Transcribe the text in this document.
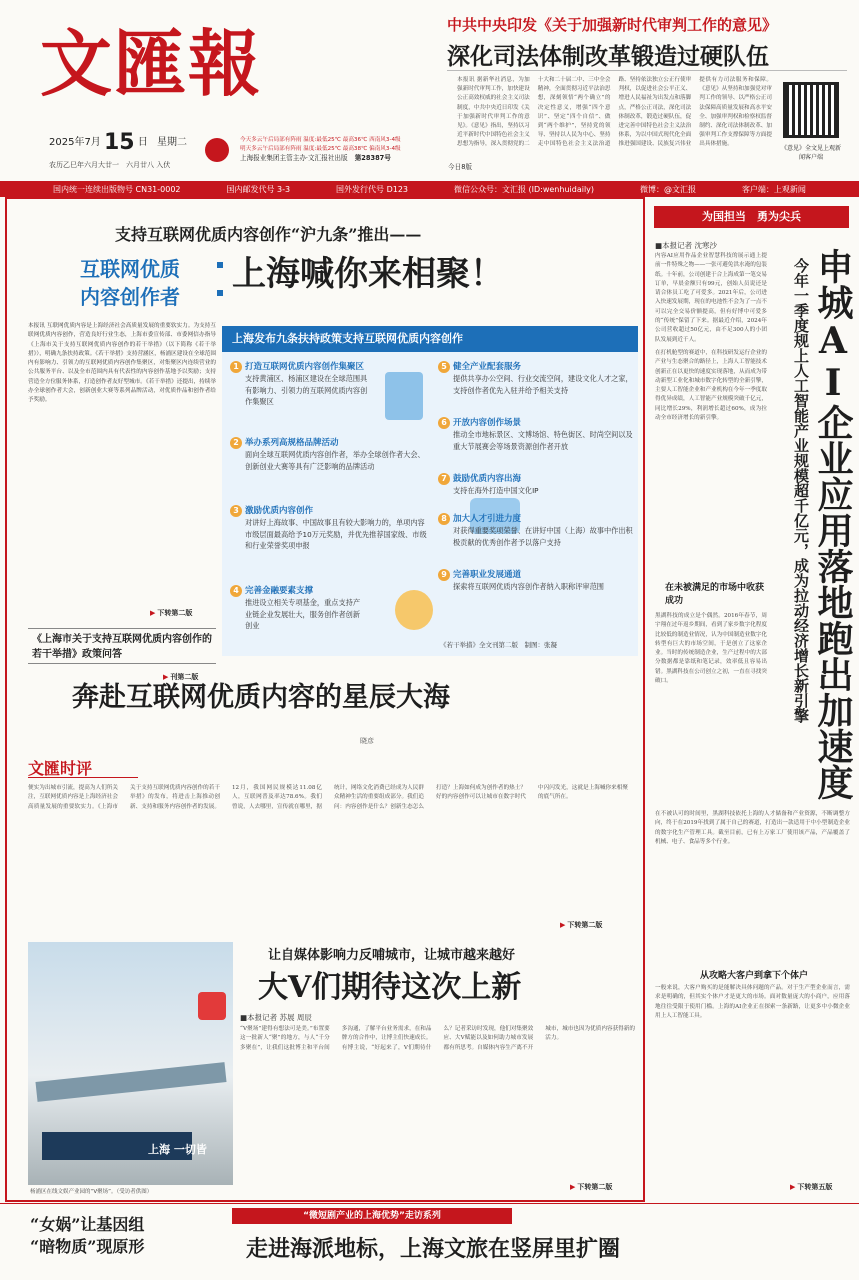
文匯報
2025年7月 15 日 星期二
农历乙巳年六月大廿一　六月廿八 入伏
今天多云午后局部有阵雨 温度:最低25℃ 最高36℃ 西南风3-4级
明天多云午后局部有阵雨 温度:最低25℃ 最高38℃ 偏南风3-4级
上海报业集团主管主办·文汇报社出版 第28387号
今日8版
中共中央印发《关于加强新时代审判工作的意见》
深化司法体制改革锻造过硬队伍
本报讯 据新华社消息，为加强新时代审判工作，加快建设公正高效权威的社会主义司法制度，中共中央近日印发《关于加强新时代审判工作的意见》。《意见》指出，坚持以习近平新时代中国特色社会主义思想为指导，深入贯彻党的二十大和二十届二中、三中全会精神，全面贯彻习近平法治思想，深刻领悟“两个确立”的决定性意义，增强“四个意识”、坚定“四个自信”、做到“两个维护”，坚持党的领导、坚持以人民为中心、坚持走中国特色社会主义法治道路、坚持依法独立公正行使审判权，以促进社会公平正义、增进人民福祉为出发点和落脚点，严格公正司法，深化司法体制改革，锻造过硬队伍，促进完善中国特色社会主义法治体系，为以中国式现代化全面推进强国建设、民族复兴伟业提供有力司法服务和保障。《意见》从坚持和加强党对审判工作的领导、以严格公正司法保障高质量发展和高水平安全、加强审判权和检察权监督制约、深化司法体制改革、加强审判工作支撑保障等方面提出具体措施。
《意见》全文见上观新闻客户端
国内统一连续出版物号 CN31-0002	国内邮发代号 3-3	国外发行代号 D123	微信公众号：文汇报 (ID:wenhuidaily)	微博：@文汇报	客户端：上观新闻
支持互联网优质内容创作“沪九条”推出——
互联网优质
内容创作者
上海喊你来相聚！
本报讯 互联网优质内容是上海经济社会高质量发展的重要软实力。为支持互联网优质内容创作，营造良好行业生态，上海市委宣传部、市委网信办指导《上海市关于支持互联网优质内容创作的若干举措》（以下简称《若干举措》），明确九条扶持政策。《若干举措》支持营涵区，杨浦区建设在全球范围内有影响力、引领力的互联网优质内容创作集聚区，对集聚区内连续营业的公共服务平台、以及全市范围内具有代表性的内容创作基地予以奖励；支持营造全方位服务体系，打造创作者友好型城市。《若干举措》还提出，持续举办全球创作者大会，创新创业大赛等系列品牌活动，对优质作品和创作者给予奖励。
▶ 下转第二版
《上海市关于支持互联网优质内容创作的若干举措》政策问答
▶ 刊第二版
上海发布九条扶持政策支持互联网优质内容创作
1 打造互联网优质内容创作集聚区
支持黄浦区、杨浦区建设在全球范围具有影响力、引领力的互联网优质内容创作集聚区
2 举办系列高规格品牌活动
面向全球互联网优质内容创作者，举办全球创作者大会、创新创业大赛等具有广泛影响的品牌活动
3 激励优质内容创作
对讲好上海故事、中国故事且有较大影响力的，单项内容市级层面最高给予10万元奖励，并优先推荐国家级、市级和行业荣誉奖项申报
4 完善金融要素支撑
推进设立相关专项基金，重点支持产业链企业发展壮大，服务创作者创新创业
5 健全产业配套服务
提供共享办公空间、行业交流空间，建设文化人才之家，支持创作者优先入驻并给予相关支持
6 开放内容创作场景
推动全市地标景区、文博场馆、特色街区、时尚空间以及重大节展赛会等场景资源创作者开放
7 鼓励优质内容出海
支持在海外打造中国文化IP
8 加大人才引进力度
对获得重要奖项荣誉、在讲好中国（上海）故事中作出积极贡献的优秀创作者予以落户支持
9 完善职业发展通道
探索将互联网优质内容创作者纳入职称评审范围
《若干举措》全文刊第二版　制图：张凝
奔赴互联网优质内容的星辰大海
晓彦
文匯时评
便实为出城市引流，提高为人们所关注，互联网优质内容是上海经济社会高质量发展的重要软实力。《上海市关于支持互联网优质内容创作的若干举措》的发布，将进击上海推动创新、支持和服务内容创作者的发展。12月，我国网民规模达11.08亿人，互联网普及率达78.6%。我们曾说，人去哪里，宣传就在哪里，据统计，网络文化消费已经成为人民群众精神生活的重要组成部分。我们追问：内容创作是什么？创新生态怎么打造？上海如何成为创作者的热土？好的内容创作可以让城市在数字时代中闪闪发光，这就是上海喊你来相聚的底气所在。
▶ 下转第二版
让自媒体影响力反哺城市，让城市越来越好
大V们期待这次上新
上海 一切皆
杨浦区在线文娱产业园的“V聚场”。（受访者供图）
■本报记者 苏展 周辰
“V聚场”建得有想法可是美。”布置要这一批新人“聚”的地方，与人“千分多聚在”，让我们这批博主和平台间多沟通，了解平台业务需求，在和品牌方的合作中，让博主们快速成长。有博主说，“好起来了，V们期待什么？记者采访时发现，他们对集聚效应、大V赋能以及如何助力城市发展都有所思考。自媒体内容生产离不开城市，城市也因为优质内容获得新的活力。
▶ 下转第二版
为国担当　勇为尖兵
■本报记者 沈寒沙
申城AI企业应用落地跑出加速度
今年一季度规上人工智能产业规模超千亿元，成为拉动经济增长新引擎
内容AI应用作品企业智慧科技的展示通上提前一件特殊之物——一张可避免洪水淹的包装纸。十年前，公司创建于合上海成第一笔交易订单，早晨金额只有99元，创始人员说还是请合体员工吃了可爱多。2021年后，公司进入快速发展期，现在的电池性不会为了一点不可以完全交易价额提高，但有好博中可爱多的“传统”保留了下来。据最近介绍，2024年公司营收超过50亿元，由不足300人的小团队发展到近千人。
在打机舱型的赛道中，在科技研发运行企业的产业与生态聚合的路径上，上海人工智能技术创新正在以更快的速度实现落地，从而成为带动新型工业化和城市数字化转型的全新引擎，主要人工智能企业和产业机构在今年一季度取得优异成绩，人工智能产业规模突破千亿元，同比增长29%，利润增长超过60%，成为拉动全市经济增长的新引擎。
在未被满足的市场中收获成功
黑湖科技的成立是个偶然。2016年春节，周宇翔在过年返乡期间，看到了家乡数字化程度比较低的制造业情况，认为中国制造业数字化转型有巨大的市场空间，于是创立了这家企业。当时的传统制造企业，生产过程中的大部分数据都是靠纸和笔记录，效率低且容易出错。黑湖科技在公司创立之初，一直在寻找突破口。
在不被认可的时间里，黑湖科技依托上海的人才储备和产业资源，不断调整方向，终于在2019年找到了属于自己的赛道，打造出一款适用于中小型制造企业的数字化生产管理工具。截至目前，已有上万家工厂使用该产品，产品覆盖了机械、电子、食品等多个行业。
从攻略大客户到拿下个体户
一般来说，大客户购买的是能解决具体问题的产品。对于生产型企业而言，需求是明确的，但其实个体户才是更大的市场。面对数量庞大的小商户，应用落地往往受限于使用门槛。上海的AI企业正在探索一条新路，让更多中小微企业用上人工智能工具。
▶ 下转第五版
“女娲”让基因组
“暗物质”现原形
“微短剧产业的上海优势”走访系列
走进海派地标，上海文旅在竖屏里扩圈
